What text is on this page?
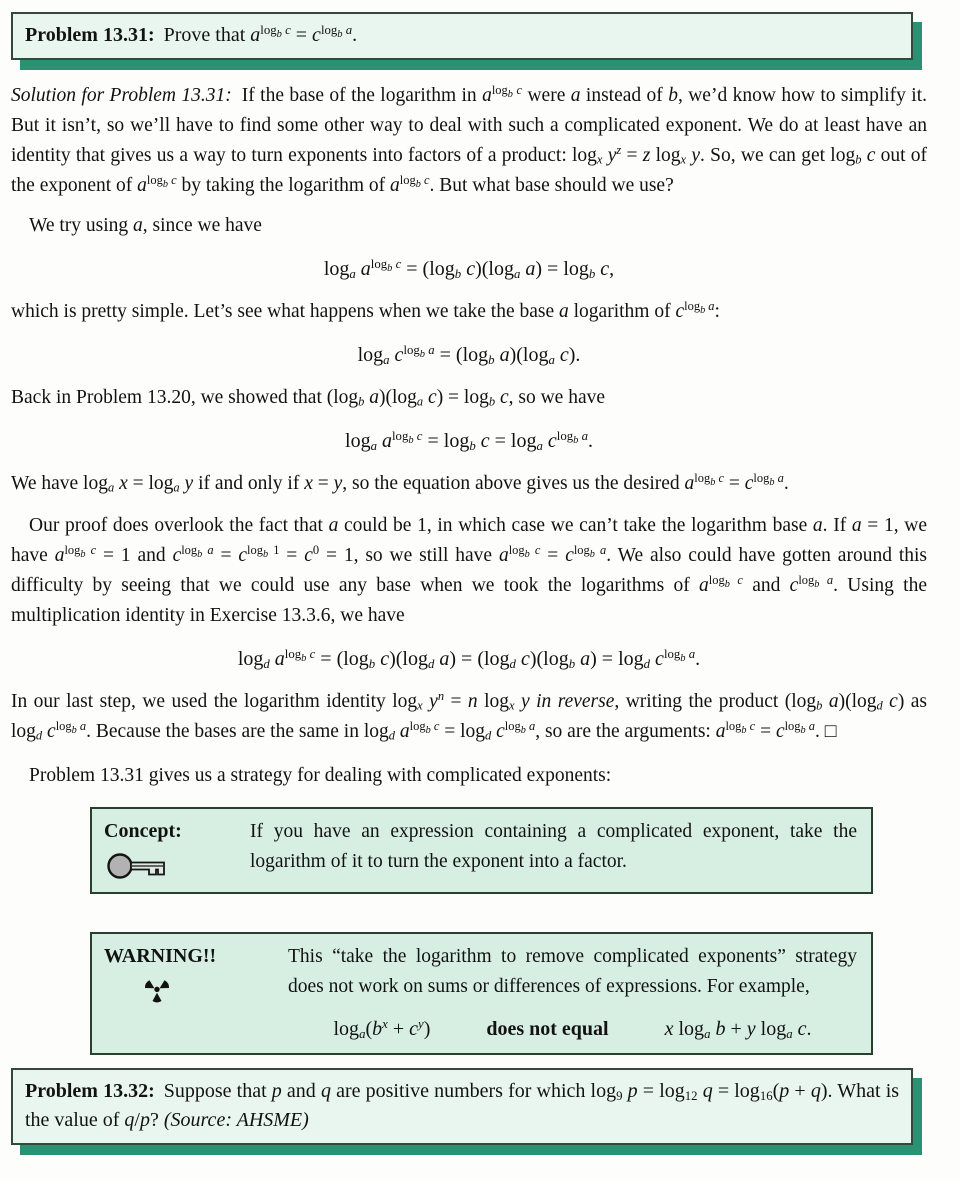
Problem 13.31: Prove that $a^{log_b c} = c^{log_b a}$.

Solution for Problem 13.31: If the base of the logarithm in $a^{log_b c}$ were a instead of b, we’d know how to simplify it. But it isn’t, so we’ll have to find some other way to deal with such a complicated exponent. We do at least have an identity that gives us a way to turn exponents into factors of a product: $\log_x y^z = z$ $\log_x y$. So, we can get $\log_b c$ out of the exponent of $a^{log_b c}$ by taking the logarithm of $a^{log_b c}$. But what base should we use?

We try using a, since we have

$\log_a a^{log_b c} = (\log_b$ $c)(\log_a$ $a) = \log_b c$,

which is pretty simple. Let’s see what happens when we take the base a logarithm of $c^{log_b a}$:

$\log_a c^{log_b a} = (\log_b$ $a)(\log_a$ c).

Back in Problem 13.20, we showed that ($\log_b$ $a)(\log_a$ $c) = \log_b c$, so we have

$\log_a a^{log_b c} = \log_b c = \log_a c^{log_b a}$.

We have $\log_a x = \log_a y$ if and only if x = y, so the equation above gives us the desired $a^{log_b c} = c^{log_b a}$.

Our proof does overlook the fact that a could be 1, in which case we can’t take the logarithm base a. If a = 1, we have $a^{log_b c} = 1$ and $c^{log_b a} = c^{log_b 1} = c^0 = 1$, so we still have $a^{log_b c} = c^{log_b a}$. We also could have gotten around this difficulty by seeing that we could use any base when we took the logarithms of $a^{log_b c}$ and $c^{log_b a}$. Using the multiplication identity in Exercise 13.3.6, we have

$\log_d a^{log_b c} = (\log_b$ $c)(\log_d$ $a) = (\log_d$ $c)(\log_b$ $a) = \log_d c^{log_b a}$.

In our last step, we used the logarithm identity $\log_x y^n = n$ $\log_x y$ in reverse, writing the product ($\log_b$ $a)(\log_d$ c) as $\log_d c^{log_b a}$. Because the bases are the same in $\log_d a^{log_b c} = \log_d c^{log_b a}$, so are the arguments: $a^{log_b c} = c^{log_b a}$. □

Problem 13.31 gives us a strategy for dealing with complicated exponents:

Concept:	If you have an expression containing a complicated exponent, take the logarithm of it to turn the exponent into a factor.
WARNING!!	This “take the logarithm to remove complicated exponents” strategy does not work on sums or differences of expressions. For example,
$\log_a(b^x + c^y)$	does not equal	x $\log_a b + y$ $\log_a c$.

Problem 13.32: Suppose that p and q are positive numbers for which $\log_9 p = \log_{12} q = \log_{16}(p + q)$. What is the value of q/p? (Source: AHSME)
